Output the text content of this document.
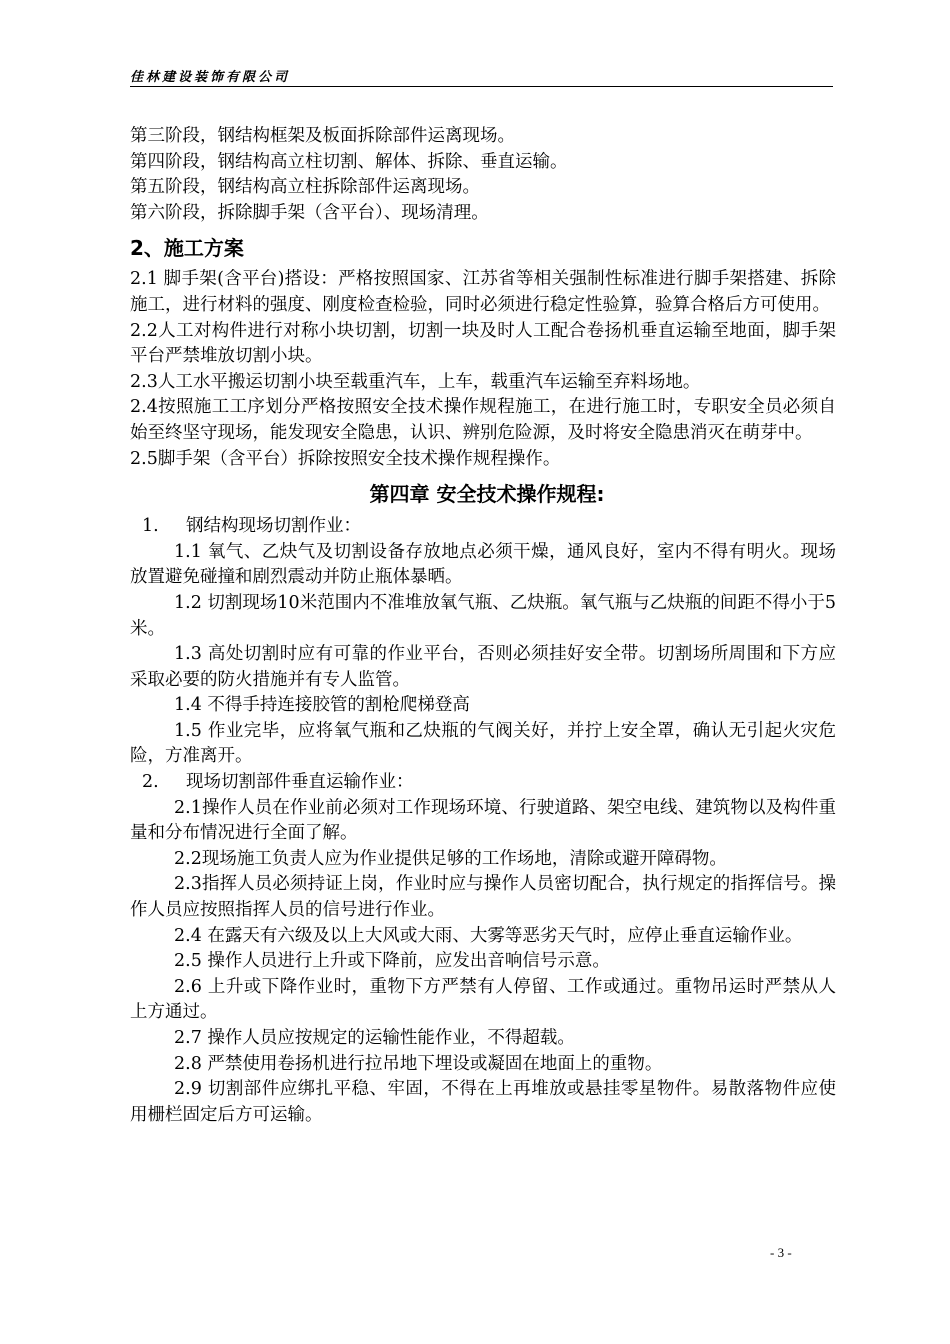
佳林建设装饰有限公司

第三阶段，钢结构框架及板面拆除部件运离现场。

第四阶段，钢结构高立柱切割、解体、拆除、垂直运输。

第五阶段，钢结构高立柱拆除部件运离现场。

第六阶段，拆除脚手架（含平台）、现场清理。

2、施工方案

2.1 脚手架(含平台)搭设：严格按照国家、江苏省等相关强制性标准进行脚手架搭建、拆除施工，进行材料的强度、刚度检查检验，同时必须进行稳定性验算，验算合格后方可使用。

2.2人工对构件进行对称小块切割，切割一块及时人工配合卷扬机垂直运输至地面，脚手架平台严禁堆放切割小块。

2.3人工水平搬运切割小块至载重汽车，上车，载重汽车运输至弃料场地。

2.4按照施工工序划分严格按照安全技术操作规程施工，在进行施工时，专职安全员必须自始至终坚守现场，能发现安全隐患，认识、辨别危险源，及时将安全隐患消灭在萌芽中。

2.5脚手架（含平台）拆除按照安全技术操作规程操作。

第四章 安全技术操作规程:

1. 钢结构现场切割作业：

1.1 氧气、乙炔气及切割设备存放地点必须干燥，通风良好，室内不得有明火。现场放置避免碰撞和剧烈震动并防止瓶体暴晒。

1.2 切割现场10米范围内不准堆放氧气瓶、乙炔瓶。氧气瓶与乙炔瓶的间距不得小于5米。

1.3 高处切割时应有可靠的作业平台，否则必须挂好安全带。切割场所周围和下方应采取必要的防火措施并有专人监管。

1.4 不得手持连接胶管的割枪爬梯登高

1.5 作业完毕，应将氧气瓶和乙炔瓶的气阀关好，并拧上安全罩，确认无引起火灾危险，方准离开。

2. 现场切割部件垂直运输作业：

2.1操作人员在作业前必须对工作现场环境、行驶道路、架空电线、建筑物以及构件重量和分布情况进行全面了解。

2.2现场施工负责人应为作业提供足够的工作场地，清除或避开障碍物。

2.3指挥人员必须持证上岗，作业时应与操作人员密切配合，执行规定的指挥信号。操作人员应按照指挥人员的信号进行作业。

2.4 在露天有六级及以上大风或大雨、大雾等恶劣天气时，应停止垂直运输作业。

2.5 操作人员进行上升或下降前，应发出音响信号示意。

2.6 上升或下降作业时，重物下方严禁有人停留、工作或通过。重物吊运时严禁从人上方通过。

2.7 操作人员应按规定的运输性能作业，不得超载。

2.8 严禁使用卷扬机进行拉吊地下埋设或凝固在地面上的重物。

2.9 切割部件应绑扎平稳、牢固，不得在上再堆放或悬挂零星物件。易散落物件应使用栅栏固定后方可运输。

- 3 -
